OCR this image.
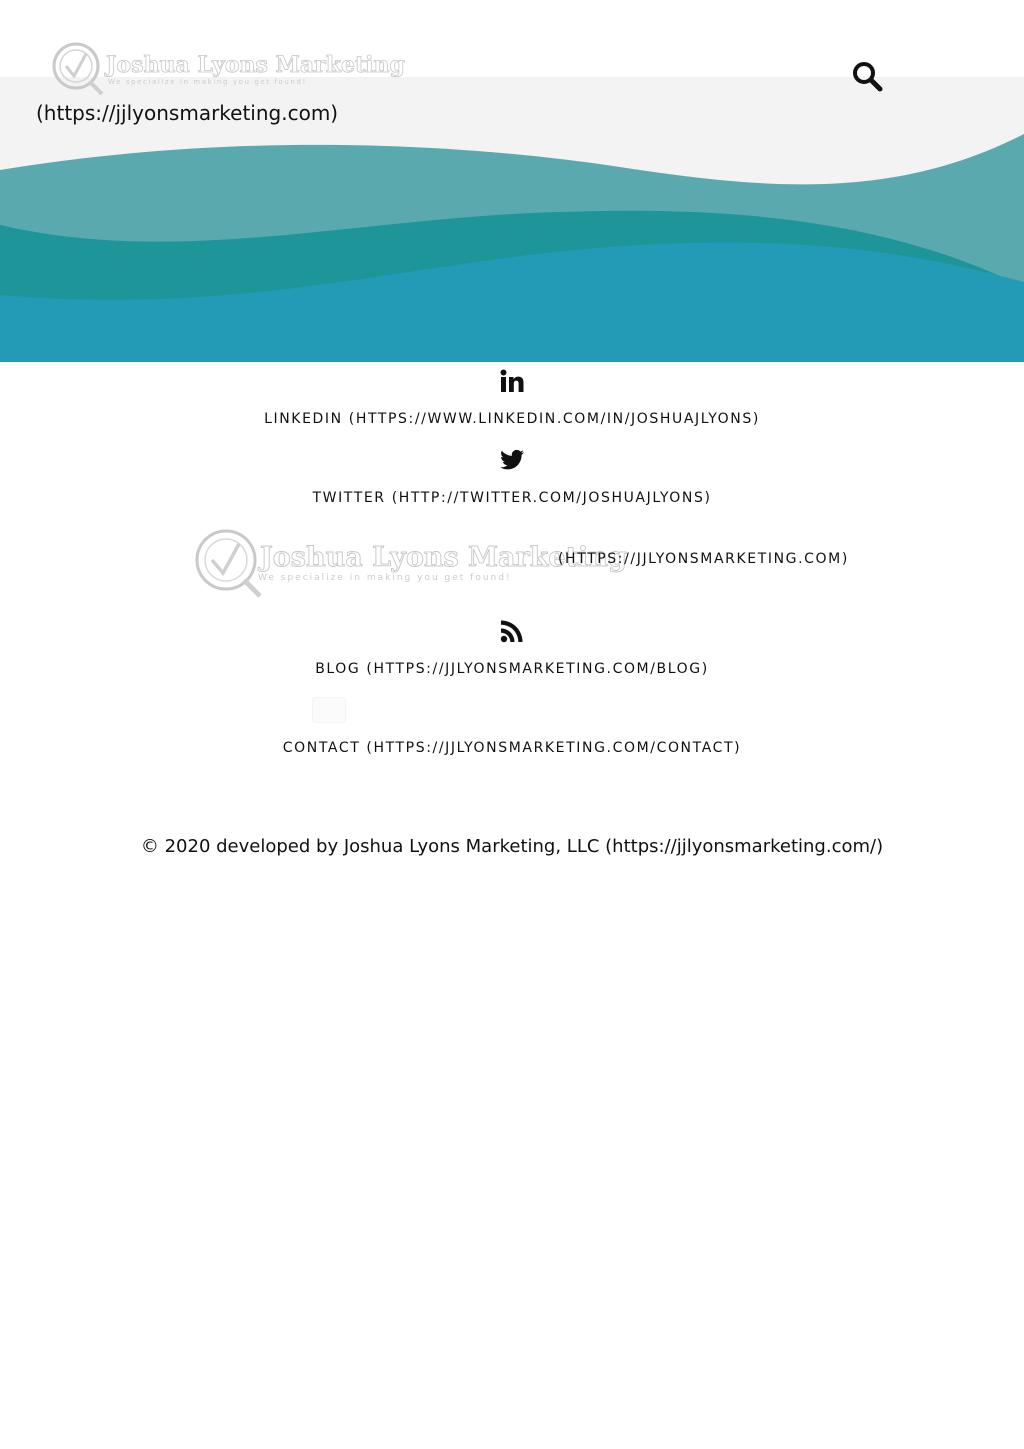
Joshua Lyons Marketing
We specialize in making you get found!
(https://jjlyonsmarketing.com)
LINKEDIN (HTTPS://WWW.LINKEDIN.COM/IN/JOSHUAJLYONS)
TWITTER (HTTP://TWITTER.COM/JOSHUAJLYONS)
Joshua Lyons Marketing
We specialize in making you get found!
(HTTPS://JJLYONSMARKETING.COM)
BLOG (HTTPS://JJLYONSMARKETING.COM/BLOG)
CONTACT (HTTPS://JJLYONSMARKETING.COM/CONTACT)
© 2020 developed by Joshua Lyons Marketing, LLC (https://jjlyonsmarketing.com/)
